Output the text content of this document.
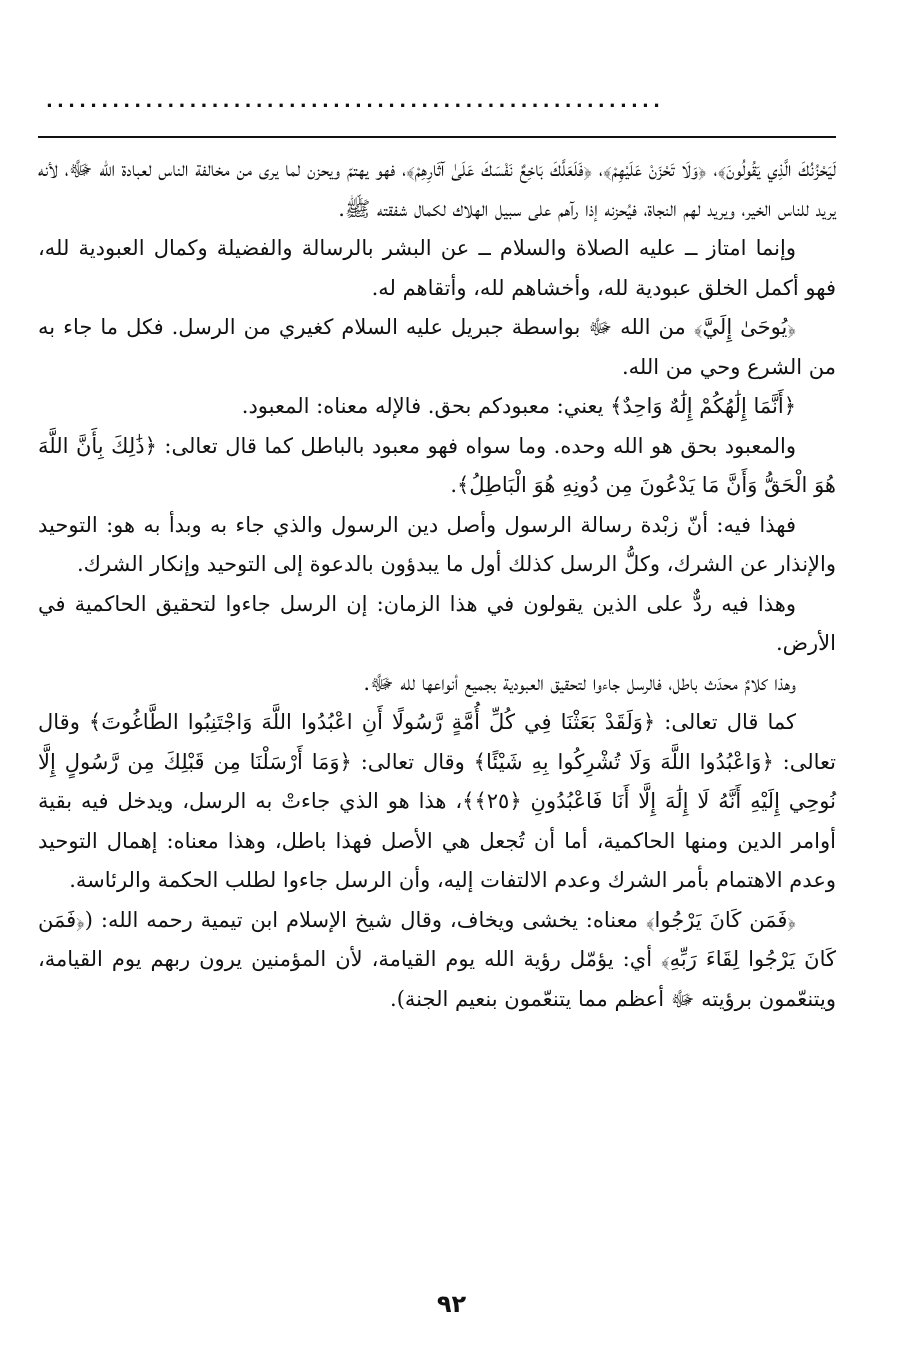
........................................................

لَيَحْزُنُكَ الَّذِي يَقُولُونَ﴾، ﴿وَلَا تَحْزَنْ عَلَيْهِمْ﴾، ﴿فَلَعَلَّكَ بَاخِعٌ نَفْسَكَ عَلَىٰ آثَارِهِمْ﴾، فهو يهتمّ ويحزن لما يرى من مخالفة الناس لعبادة الله ﷻ، لأنه يريد للناس الخير، ويريد لهم النجاة، فيُحزنه إذا رآهم على سبيل الهلاك لكمال شفقته ﷺ.

وإنما امتاز ــ عليه الصلاة والسلام ــ عن البشر بالرسالة والفضيلة وكمال العبودية لله، فهو أكمل الخلق عبودية لله، وأخشاهم لله، وأتقاهم له.

﴿يُوحَىٰ إِلَيَّ﴾ من الله ﷻ بواسطة جبريل عليه السلام كغيري من الرسل. فكل ما جاء به من الشرع وحي من الله.

﴿أَنَّمَا إِلَٰهُكُمْ إِلَٰهٌ وَاحِدٌ﴾ يعني: معبودكم بحق. فالإله معناه: المعبود.

والمعبود بحق هو الله وحده. وما سواه فهو معبود بالباطل كما قال تعالى: ﴿ذَٰلِكَ بِأَنَّ اللَّهَ هُوَ الْحَقُّ وَأَنَّ مَا يَدْعُونَ مِن دُونِهِ هُوَ الْبَاطِلُ﴾.

فهذا فيه: أنّ زبْدة رسالة الرسول وأصل دين الرسول والذي جاء به وبدأ به هو: التوحيد والإنذار عن الشرك، وكلُّ الرسل كذلك أول ما يبدؤون بالدعوة إلى التوحيد وإنكار الشرك.

وهذا فيه ردٌّ على الذين يقولون في هذا الزمان: إن الرسل جاءوا لتحقيق الحاكمية في الأرض.

وهذا كلامٌ محدَث باطل، فالرسل جاءوا لتحقيق العبودية بجميع أنواعها لله ﷻ.

كما قال تعالى: ﴿وَلَقَدْ بَعَثْنَا فِي كُلِّ أُمَّةٍ رَّسُولًا أَنِ اعْبُدُوا اللَّهَ وَاجْتَنِبُوا الطَّاغُوتَ﴾ وقال تعالى: ﴿وَاعْبُدُوا اللَّهَ وَلَا تُشْرِكُوا بِهِ شَيْئًا﴾ وقال تعالى: ﴿وَمَا أَرْسَلْنَا مِن قَبْلِكَ مِن رَّسُولٍ إِلَّا نُوحِي إِلَيْهِ أَنَّهُ لَا إِلَٰهَ إِلَّا أَنَا فَاعْبُدُونِ ﴿٢٥﴾﴾، هذا هو الذي جاءتْ به الرسل، ويدخل فيه بقية أوامر الدين ومنها الحاكمية، أما أن تُجعل هي الأصل فهذا باطل، وهذا معناه: إهمال التوحيد وعدم الاهتمام بأمر الشرك وعدم الالتفات إليه، وأن الرسل جاءوا لطلب الحكمة والرئاسة.

﴿فَمَن كَانَ يَرْجُوا﴾ معناه: يخشى ويخاف، وقال شيخ الإسلام ابن تيمية رحمه الله: (﴿فَمَن كَانَ يَرْجُوا لِقَاءَ رَبِّهِ﴾ أي: يؤمّل رؤية الله يوم القيامة، لأن المؤمنين يرون ربهم يوم القيامة، ويتنعّمون برؤيته ﷻ أعظم مما يتنعّمون بنعيم الجنة).

٩٢
